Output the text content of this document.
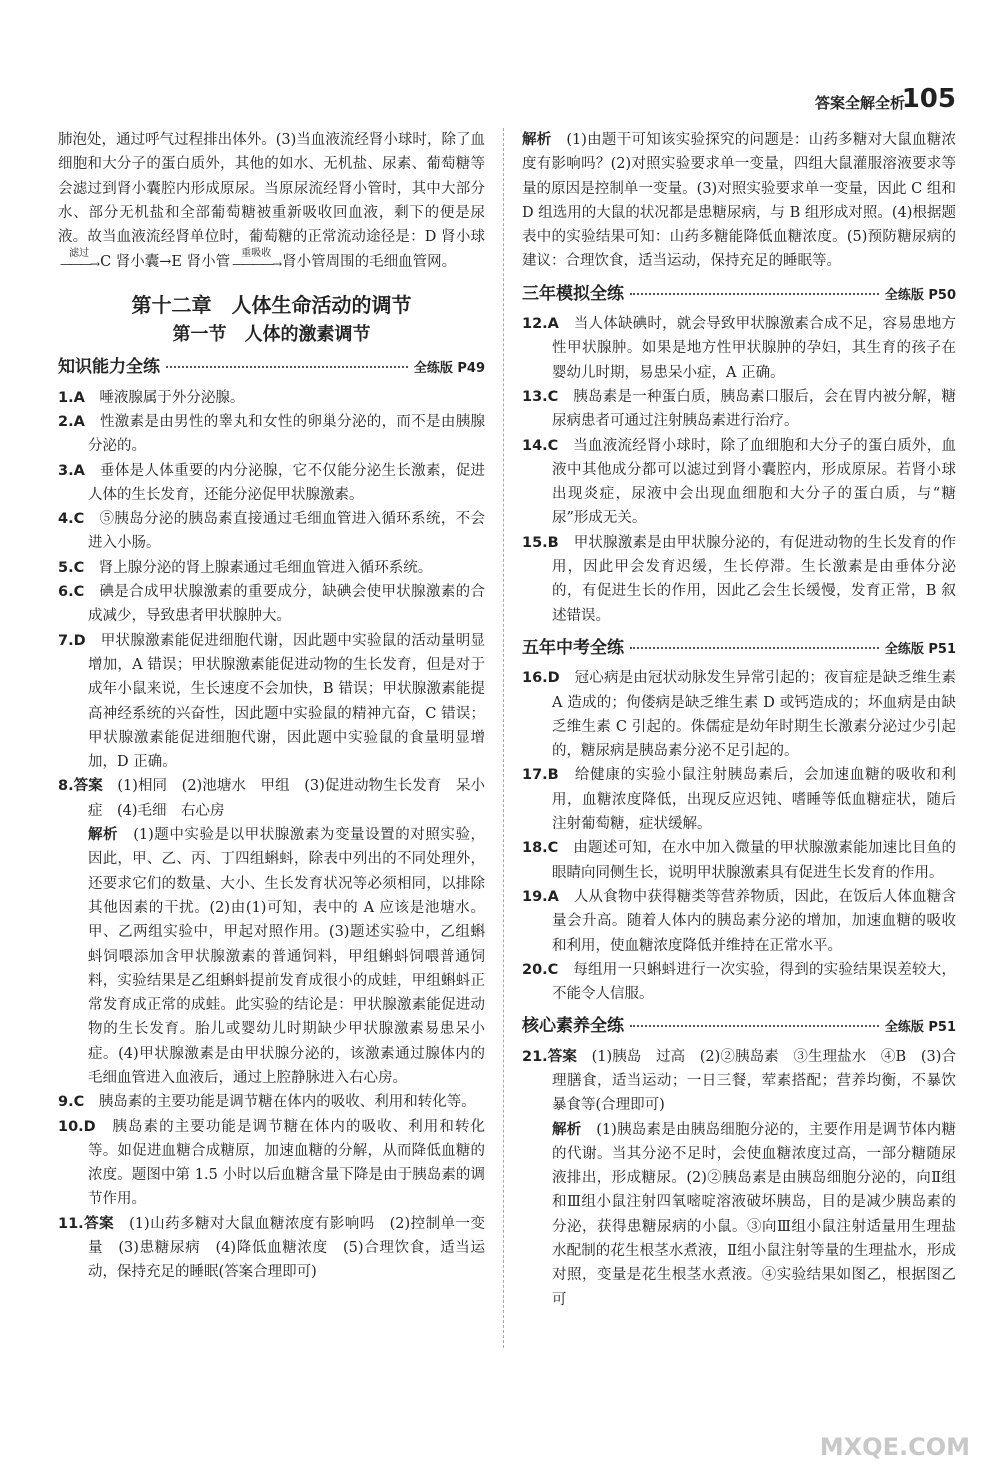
答案全解全析
105

肺泡处，通过呼气过程排出体外。(3)当血液流经肾小球时，除了血细胞和大分子的蛋白质外，其他的如水、无机盐、尿素、葡萄糖等会滤过到肾小囊腔内形成原尿。当原尿流经肾小管时，其中大部分水、部分无机盐和全部葡萄糖被重新吸收回血液，剩下的便是尿液。故当血液流经肾单位时，葡萄糖的正常流动途径是：D 肾小球
滤过
———→ C 肾小囊→E 肾小管
重吸收
————→ 肾小管周围的毛细血管网。

第十二章　人体生命活动的调节
第一节　人体的激素调节
知识能力全练	全练版 P49
1.A　 唾液腺属于外分泌腺。
2.A　 性激素是由男性的睾丸和女性的卵巢分泌的，而不是由胰腺分泌的。
3.A　 垂体是人体重要的内分泌腺，它不仅能分泌生长激素，促进人体的生长发育，还能分泌促甲状腺激素。
4.C　 ⑤胰岛分泌的胰岛素直接通过毛细血管进入循环系统，不会进入小肠。
5.C　 肾上腺分泌的肾上腺素通过毛细血管进入循环系统。
6.C　 碘是合成甲状腺激素的重要成分，缺碘会使甲状腺激素的合成减少，导致患者甲状腺肿大。
7.D　 甲状腺激素能促进细胞代谢，因此题中实验鼠的活动量明显增加，A 错误；甲状腺激素能促进动物的生长发育，但是对于成年小鼠来说，生长速度不会加快，B 错误；甲状腺激素能提高神经系统的兴奋性，因此题中实验鼠的精神亢奋，C 错误；甲状腺激素能促进细胞代谢，因此题中实验鼠的食量明显增加，D 正确。
8.答案　 (1)相同　(2)池塘水　甲组　(3)促进动物生长发育　呆小症　(4)毛细　右心房
解析　 (1)题中实验是以甲状腺激素为变量设置的对照实验，因此，甲、乙、丙、丁四组蝌蚪，除表中列出的不同处理外，还要求它们的数量、大小、生长发育状况等必须相同，以排除其他因素的干扰。(2)由(1)可知，表中的 A 应该是池塘水。甲、乙两组实验中，甲起对照作用。(3)题述实验中，乙组蝌蚪饲喂添加含甲状腺激素的普通饲料，甲组蝌蚪饲喂普通饲料，实验结果是乙组蝌蚪提前发育成很小的成蛙，甲组蝌蚪正常发育成正常的成蛙。此实验的结论是：甲状腺激素能促进动物的生长发育。胎儿或婴幼儿时期缺少甲状腺激素易患呆小症。(4)甲状腺激素是由甲状腺分泌的，该激素通过腺体内的毛细血管进入血液后，通过上腔静脉进入右心房。
9.C　 胰岛素的主要功能是调节糖在体内的吸收、利用和转化等。
10.D　 胰岛素的主要功能是调节糖在体内的吸收、利用和转化等。如促进血糖合成糖原，加速血糖的分解，从而降低血糖的浓度。题图中第 1.5 小时以后血糖含量下降是由于胰岛素的调节作用。
11.答案　 (1)山药多糖对大鼠血糖浓度有影响吗　(2)控制单一变量　(3)患糖尿病　(4)降低血糖浓度　(5)合理饮食，适当运动，保持充足的睡眠(答案合理即可)
解析　 (1)由题干可知该实验探究的问题是：山药多糖对大鼠血糖浓度有影响吗？(2)对照实验要求单一变量，四组大鼠灌服溶液要求等量的原因是控制单一变量。(3)对照实验要求单一变量，因此 C 组和 D 组选用的大鼠的状况都是患糖尿病，与 B 组形成对照。(4)根据题表中的实验结果可知：山药多糖能降低血糖浓度。(5)预防糖尿病的建议：合理饮食，适当运动，保持充足的睡眠等。
三年模拟全练	全练版 P50
12.A　 当人体缺碘时，就会导致甲状腺激素合成不足，容易患地方性甲状腺肿。如果是地方性甲状腺肿的孕妇，其生育的孩子在婴幼儿时期，易患呆小症，A 正确。
13.C　 胰岛素是一种蛋白质，胰岛素口服后，会在胃内被分解，糖尿病患者可通过注射胰岛素进行治疗。
14.C　 当血液流经肾小球时，除了血细胞和大分子的蛋白质外，血液中其他成分都可以滤过到肾小囊腔内，形成原尿。若肾小球出现炎症，尿液中会出现血细胞和大分子的蛋白质，与“糖尿”形成无关。
15.B　 甲状腺激素是由甲状腺分泌的，有促进动物的生长发育的作用，因此甲会发育迟缓，生长停滞。生长激素是由垂体分泌的，有促进生长的作用，因此乙会生长缓慢，发育正常，B 叙述错误。
五年中考全练	全练版 P51
16.D　 冠心病是由冠状动脉发生异常引起的；夜盲症是缺乏维生素 A 造成的；佝偻病是缺乏维生素 D 或钙造成的；坏血病是由缺乏维生素 C 引起的。侏儒症是幼年时期生长激素分泌过少引起的，糖尿病是胰岛素分泌不足引起的。
17.B　 给健康的实验小鼠注射胰岛素后，会加速血糖的吸收和利用，血糖浓度降低，出现反应迟钝、嗜睡等低血糖症状，随后注射葡萄糖，症状缓解。
18.C　 由题述可知，在水中加入微量的甲状腺激素能加速比目鱼的眼睛向同侧生长，说明甲状腺激素具有促进生长发育的作用。
19.A　 人从食物中获得糖类等营养物质，因此，在饭后人体血糖含量会升高。随着人体内的胰岛素分泌的增加，加速血糖的吸收和利用，使血糖浓度降低并维持在正常水平。
20.C　 每组用一只蝌蚪进行一次实验，得到的实验结果误差较大，不能令人信服。
核心素养全练	全练版 P51
21.答案　 (1)胰岛　过高　(2)②胰岛素　③生理盐水　④B　(3)合理膳食，适当运动；一日三餐，荤素搭配；营养均衡，不暴饮暴食等(合理即可)
解析　 (1)胰岛素是由胰岛细胞分泌的，主要作用是调节体内糖的代谢。当其分泌不足时，会使血糖浓度过高，一部分糖随尿液排出，形成糖尿。(2)②胰岛素是由胰岛细胞分泌的，向Ⅱ组和Ⅲ组小鼠注射四氧嘧啶溶液破坏胰岛，目的是减少胰岛素的分泌，获得患糖尿病的小鼠。③向Ⅲ组小鼠注射适量用生理盐水配制的花生根茎水煮液，Ⅱ组小鼠注射等量的生理盐水，形成对照，变量是花生根茎水煮液。④实验结果如图乙，根据图乙可
MXQE.COM
